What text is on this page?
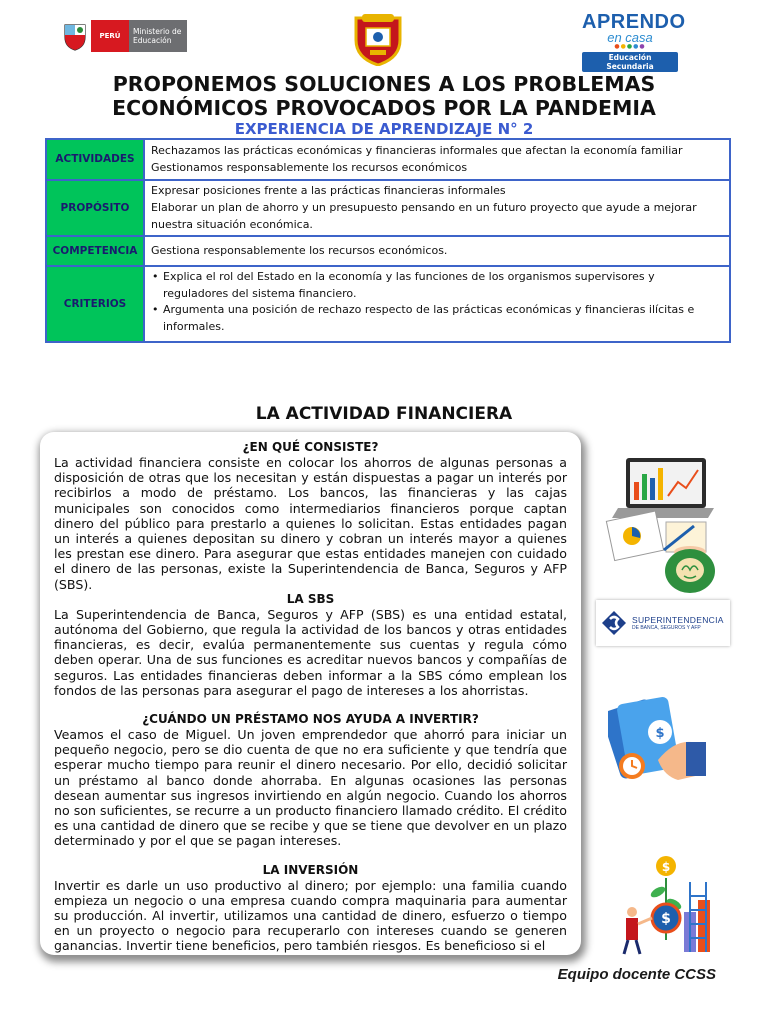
PERÚ	Ministerio de Educación
APRENDO
en casa
●●●●●
Educación Secundaria
PROPONEMOS SOLUCIONES A LOS PROBLEMAS
ECONÓMICOS PROVOCADOS POR LA PANDEMIA
EXPERIENCIA DE APRENDIZAJE N° 2
ACTIVIDADES
Rechazamos las prácticas económicas y financieras informales que afectan la economía familiar
Gestionamos responsablemente los recursos económicos
PROPÓSITO
Expresar posiciones frente a las prácticas financieras informales
Elaborar un plan de ahorro y un presupuesto pensando en un futuro proyecto que ayude a mejorar nuestra situación económica.
COMPETENCIA	Gestiona responsablemente los recursos económicos.
CRITERIOS
• Explica el rol del Estado en la economía y las funciones de los organismos supervisores y reguladores del sistema financiero.
• Argumenta una posición de rechazo respecto de las prácticas económicas y financieras ilícitas e informales.
LA ACTIVIDAD FINANCIERA
¿EN QUÉ CONSISTE?

La actividad financiera consiste en colocar los ahorros de algunas personas a disposición de otras que los necesitan y están dispuestas a pagar un interés por recibirlos a modo de préstamo. Los bancos, las financieras y las cajas municipales son conocidos como intermediarios financieros porque captan dinero del público para prestarlo a quienes lo solicitan. Estas entidades pagan un interés a quienes depositan su dinero y cobran un interés mayor a quienes les prestan ese dinero. Para asegurar que estas entidades manejen con cuidado el dinero de las personas, existe la Superintendencia de Banca, Seguros y AFP (SBS).

LA SBS

La Superintendencia de Banca, Seguros y AFP (SBS) es una entidad estatal, autónoma del Gobierno, que regula la actividad de los bancos y otras entidades financieras, es decir, evalúa permanentemente sus cuentas y regula cómo deben operar. Una de sus funciones es acreditar nuevos bancos y compañías de seguros. Las entidades financieras deben informar a la SBS cómo emplean los fondos de las personas para asegurar el pago de intereses a los ahorristas.

¿CUÁNDO UN PRÉSTAMO NOS AYUDA A INVERTIR?

Veamos el caso de Miguel. Un joven emprendedor que ahorró para iniciar un pequeño negocio, pero se dio cuenta de que no era suficiente y que tendría que esperar mucho tiempo para reunir el dinero necesario. Por ello, decidió solicitar un préstamo al banco donde ahorraba. En algunas ocasiones las personas desean aumentar sus ingresos invirtiendo en algún negocio. Cuando los ahorros no son suficientes, se recurre a un producto financiero llamado crédito. El crédito es una cantidad de dinero que se recibe y que se tiene que devolver en un plazo determinado y por el que se pagan intereses.

LA INVERSIÓN

Invertir es darle un uso productivo al dinero; por ejemplo: una familia cuando empieza un negocio o una empresa cuando compra maquinaria para aumentar su producción. Al invertir, utilizamos una cantidad de dinero, esfuerzo o tiempo en un proyecto o negocio para recuperarlo con intereses cuando se generen ganancias. Invertir tiene beneficios, pero también riesgos. Es beneficioso si el

SUPERINTENDENCIA
DE BANCA, SEGUROS Y AFP
$
$
$
Equipo docente CCSS
